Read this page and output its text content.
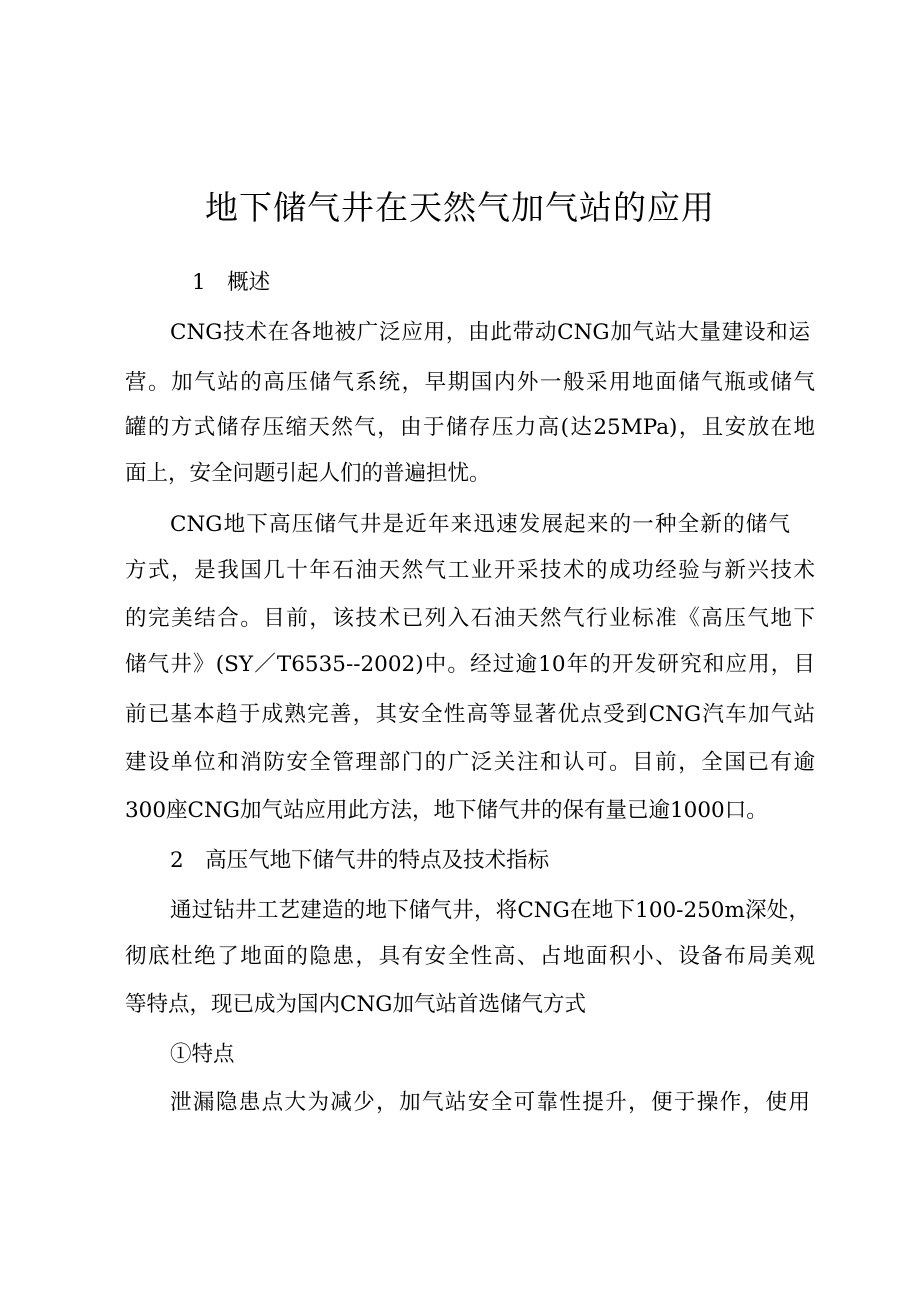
地下储气井在天然气加气站的应用
1　概述
CNG技术在各地被广泛应用，由此带动CNG加气站大量建设和运
营。加气站的高压储气系统，早期国内外一般采用地面储气瓶或储气
罐的方式储存压缩天然气，由于储存压力高(达25MPa)，且安放在地
面上，安全问题引起人们的普遍担忧。
CNG地下高压储气井是近年来迅速发展起来的一种全新的储气
方式，是我国几十年石油天然气工业开采技术的成功经验与新兴技术
的完美结合。目前，该技术已列入石油天然气行业标准《高压气地下
储气井》(SY／T6535--2002)中。经过逾10年的开发研究和应用，目
前已基本趋于成熟完善，其安全性高等显著优点受到CNG汽车加气站
建设单位和消防安全管理部门的广泛关注和认可。目前，全国已有逾
300座CNG加气站应用此方法，地下储气井的保有量已逾1000口。
2　高压气地下储气井的特点及技术指标
通过钻井工艺建造的地下储气井，将CNG在地下100-250m深处，
彻底杜绝了地面的隐患，具有安全性高、占地面积小、设备布局美观
等特点，现已成为国内CNG加气站首选储气方式
①特点
泄漏隐患点大为减少，加气站安全可靠性提升，便于操作，使用
